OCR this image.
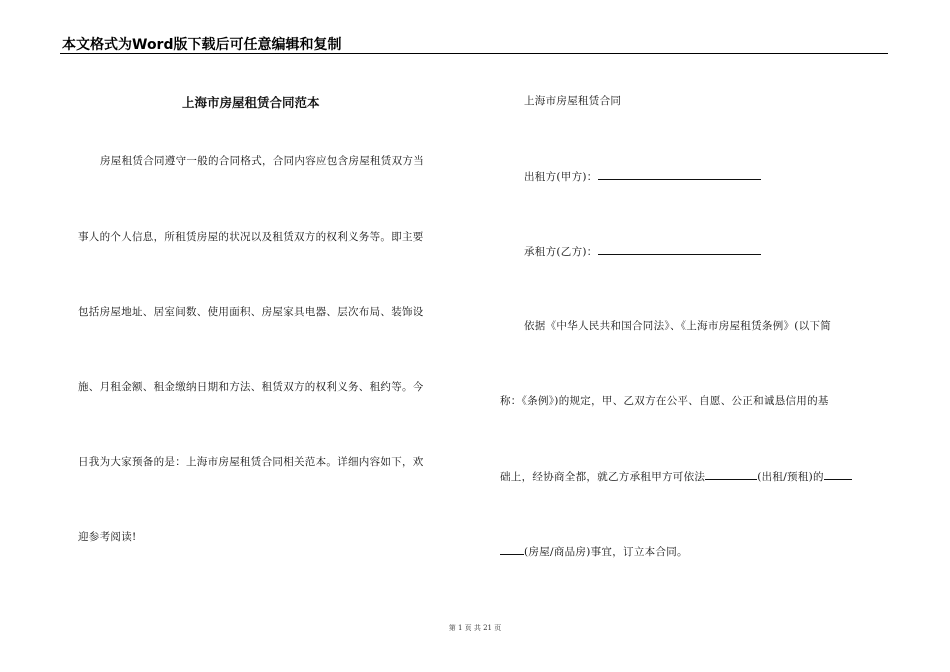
本文格式为Word版下载后可任意编辑和复制
上海市房屋租赁合同范本
房屋租赁合同遵守一般的合同格式，合同内容应包含房屋租赁双方当
事人的个人信息，所租赁房屋的状况以及租赁双方的权利义务等。即主要
包括房屋地址、居室间数、使用面积、房屋家具电器、层次布局、装饰设
施、月租金额、租金缴纳日期和方法、租赁双方的权利义务、租约等。今
日我为大家预备的是：上海市房屋租赁合同相关范本。详细内容如下，欢
迎参考阅读!
上海市房屋租赁合同
出租方(甲方)：
承租方(乙方)：
依据《中华人民共和国合同法》、《上海市房屋租赁条例》(以下简
称：《条例》)的规定，甲、乙双方在公平、自愿、公正和诚恳信用的基
础上，经协商全都，就乙方承租甲方可依法	(出租/预租)的
(房屋/商品房)事宜，订立本合同。
第 1 页 共 21 页
